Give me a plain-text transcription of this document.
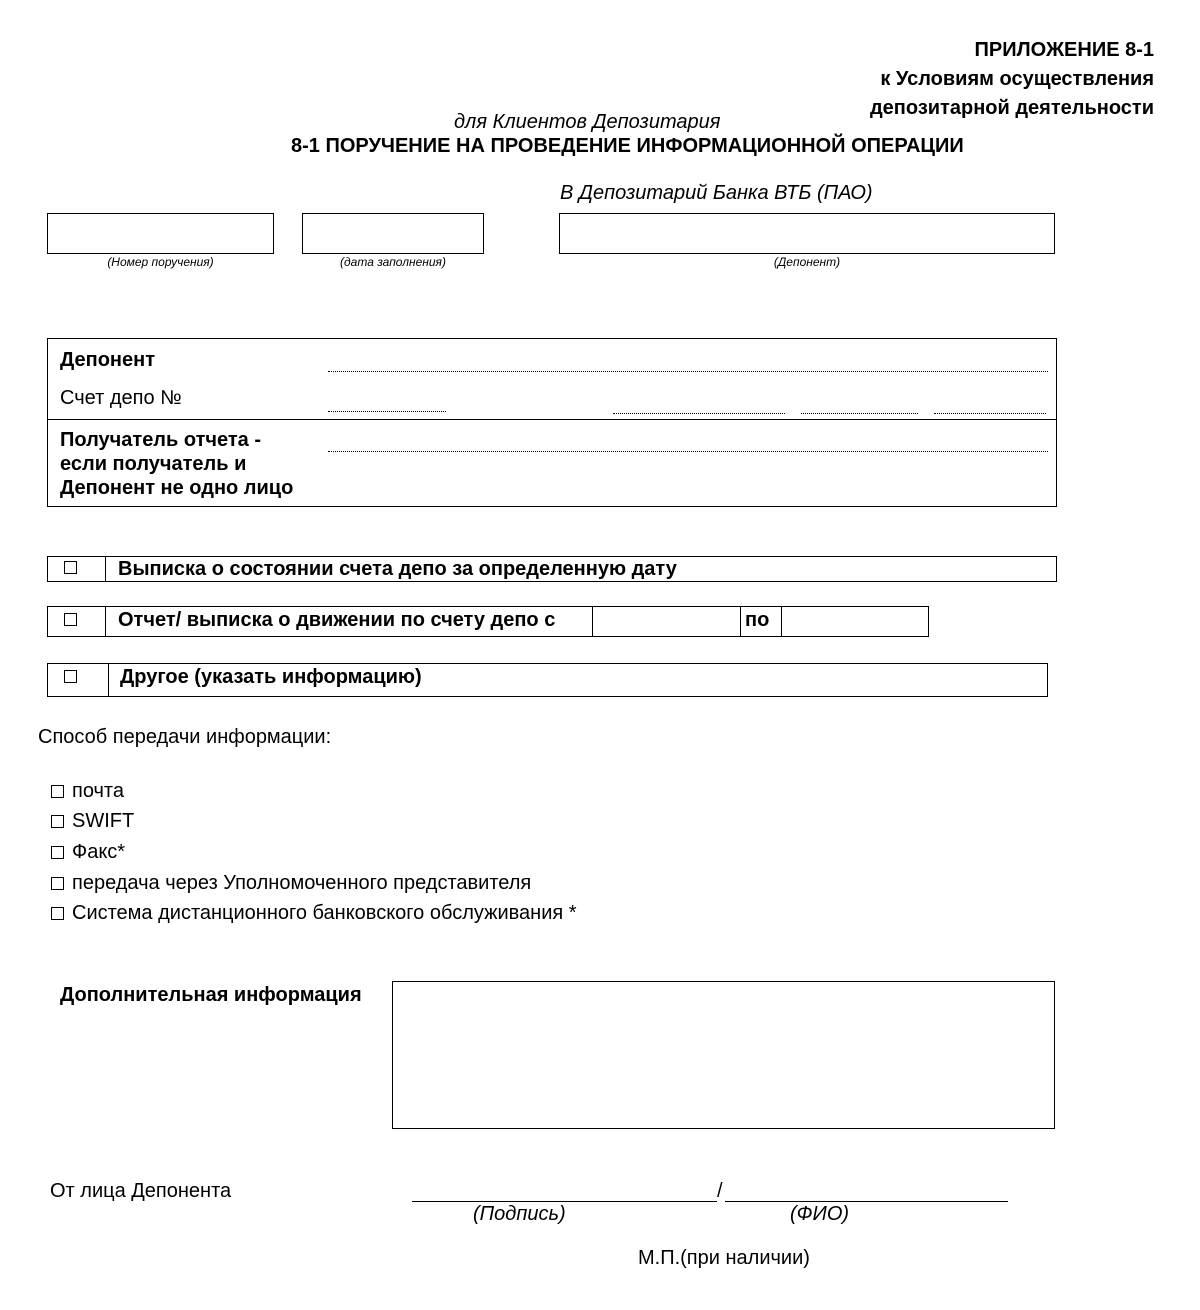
ПРИЛОЖЕНИЕ 8-1
к Условиям осуществления
депозитарной деятельности
для Клиентов Депозитария
8-1 ПОРУЧЕНИЕ НА ПРОВЕДЕНИЕ ИНФОРМАЦИОННОЙ ОПЕРАЦИИ
В Депозитарий Банка ВТБ (ПАО)
(Номер поручения)	(дата заполнения)	(Депонент)
Депонент
Счет депо №
Получатель отчета -
если получатель и
Депонент не одно лицо
Выписка о состоянии счета депо за определенную дату
Отчет/ выписка о движении по счету депо с	по
Другое (указать информацию)
Способ передачи информации:
почта
SWIFT
Факс*
передача через Уполномоченного представителя
Система дистанционного банковского обслуживания *
Дополнительная информация
От лица Депонента	/
(Подпись)	(ФИО)
М.П.(при наличии)
